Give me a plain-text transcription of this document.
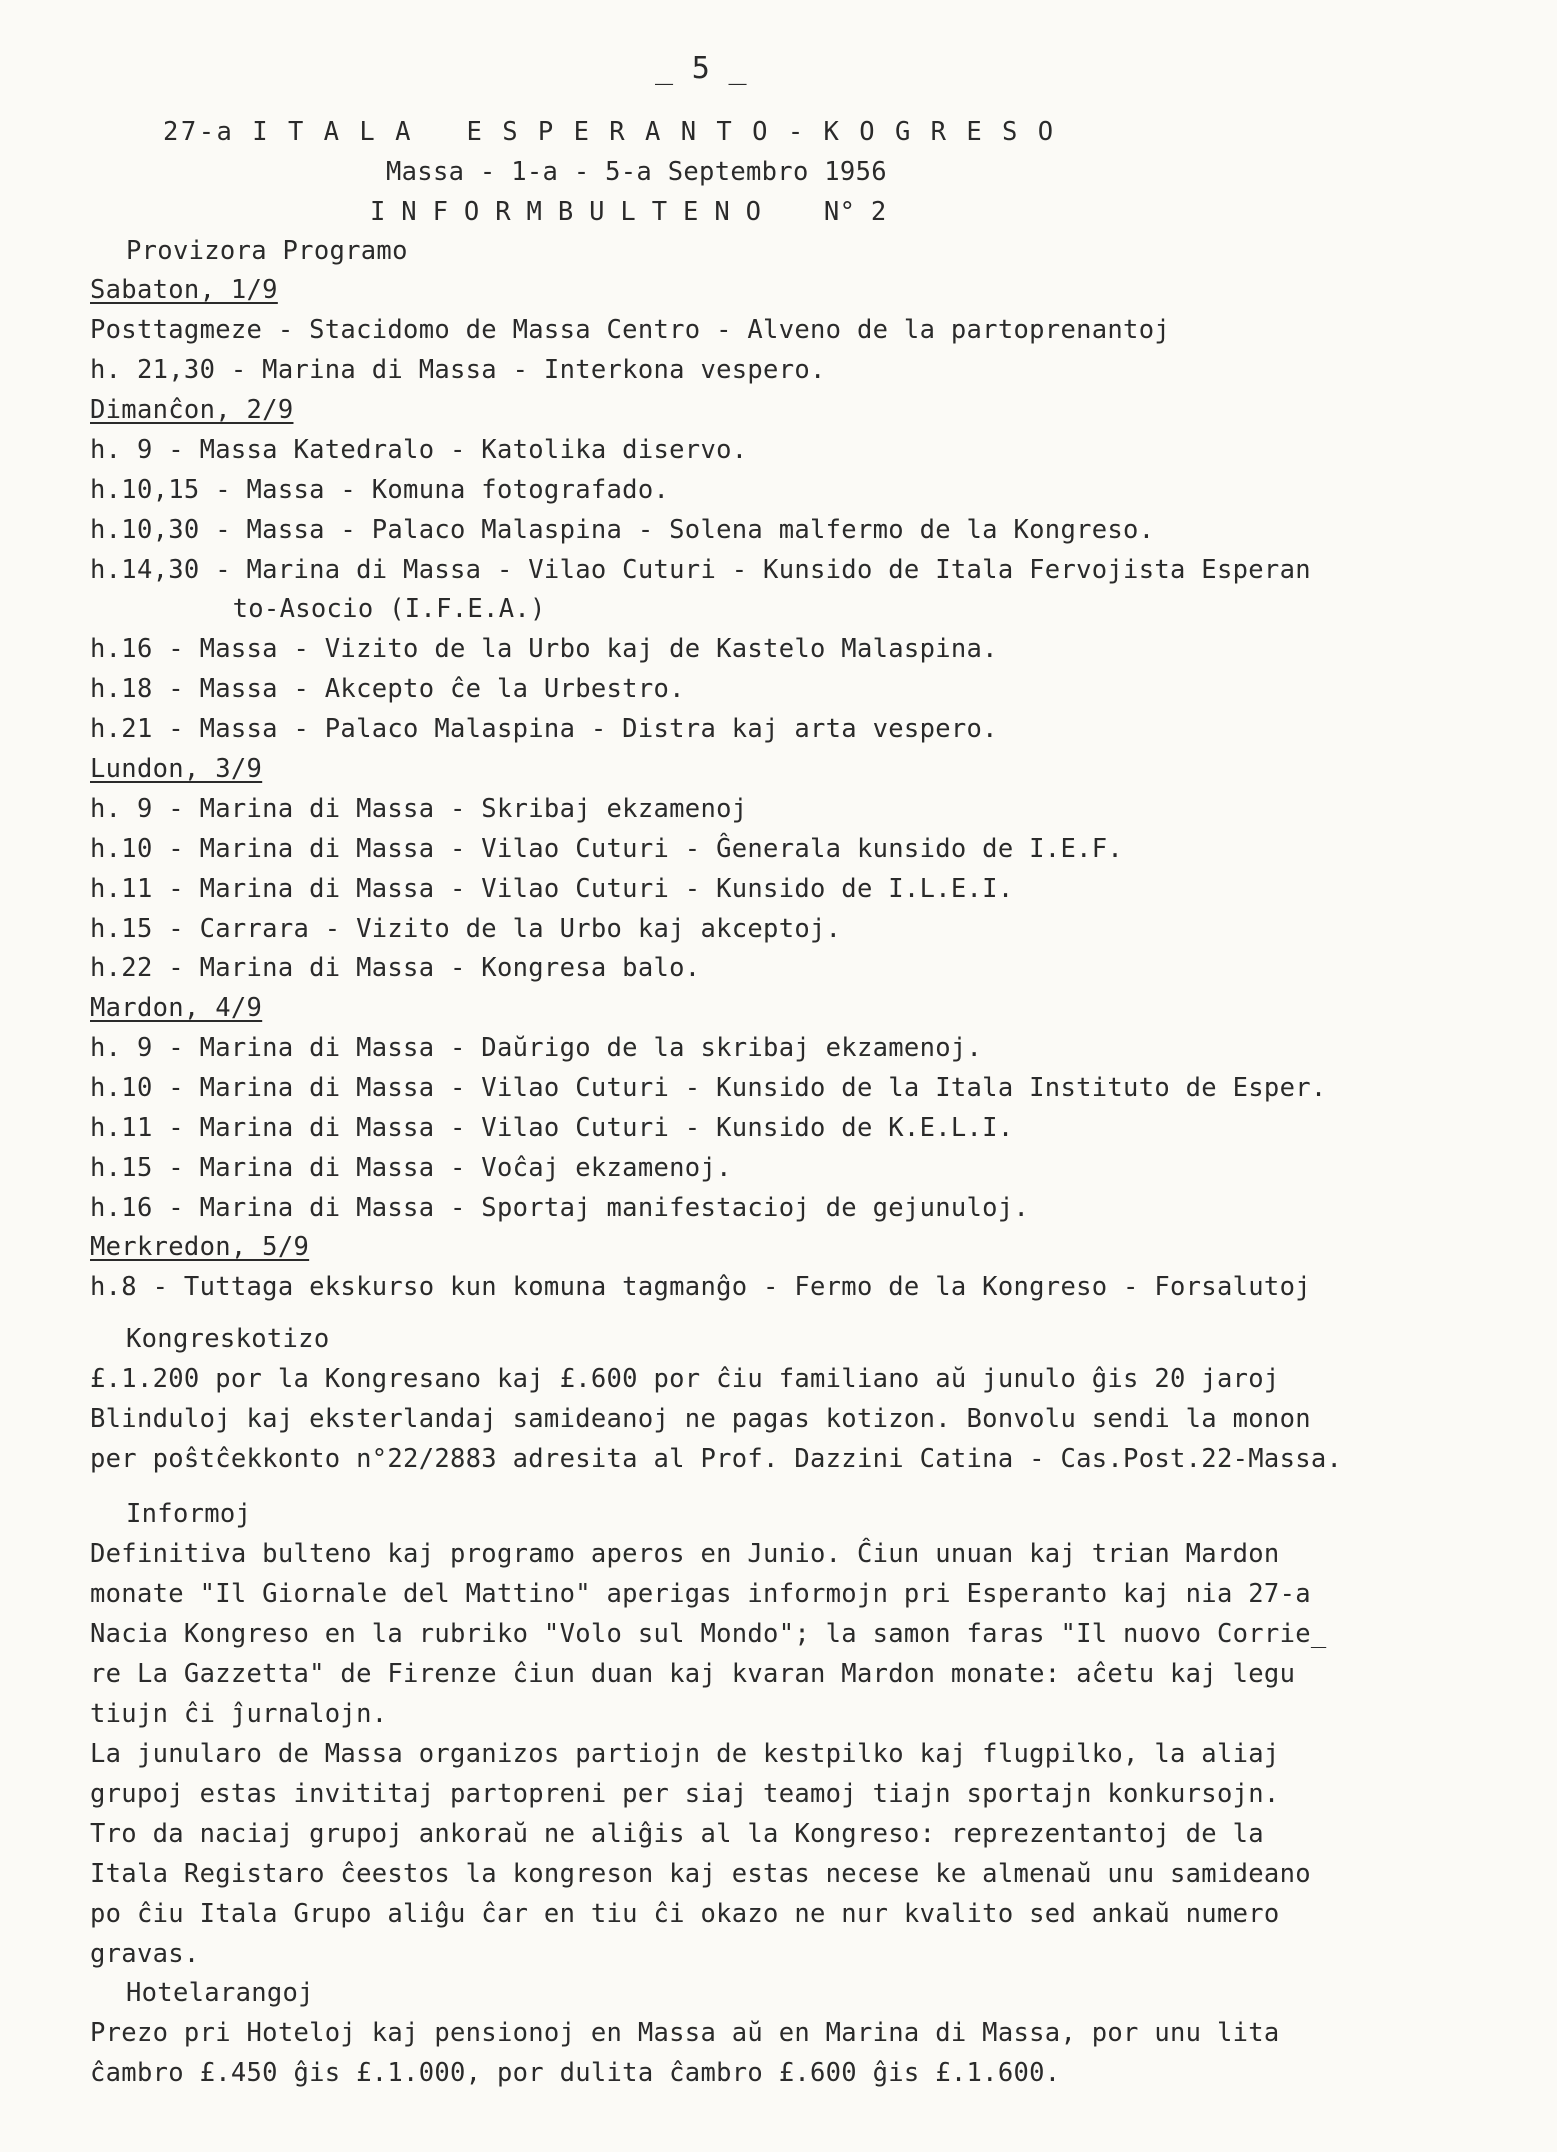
_ 5 _
27-a I T A L A   E S P E R A N T O - K O G R E S O
Massa - 1-a - 5-a Septembro 1956
I N F O R M B U L T E N O    N° 2
Provizora Programo
Sabaton, 1/9
Posttagmeze - Stacidomo de Massa Centro - Alveno de la partoprenantoj
h. 21,30 - Marina di Massa - Interkona vespero.
Dimanĉon, 2/9
h. 9 - Massa Katedralo - Katolika diservo.
h.10,15 - Massa - Komuna fotografado.
h.10,30 - Massa - Palaco Malaspina - Solena malfermo de la Kongreso.
h.14,30 - Marina di Massa - Vilao Cuturi - Kunsido de Itala Fervojista Esperan
to-Asocio (I.F.E.A.)
h.16 - Massa - Vizito de la Urbo kaj de Kastelo Malaspina.
h.18 - Massa - Akcepto ĉe la Urbestro.
h.21 - Massa - Palaco Malaspina - Distra kaj arta vespero.
Lundon, 3/9
h. 9 - Marina di Massa - Skribaj ekzamenoj
h.10 - Marina di Massa - Vilao Cuturi - Ĝenerala kunsido de I.E.F.
h.11 - Marina di Massa - Vilao Cuturi - Kunsido de I.L.E.I.
h.15 - Carrara - Vizito de la Urbo kaj akceptoj.
h.22 - Marina di Massa - Kongresa balo.
Mardon, 4/9
h. 9 - Marina di Massa - Daŭrigo de la skribaj ekzamenoj.
h.10 - Marina di Massa - Vilao Cuturi - Kunsido de la Itala Instituto de Esper.
h.11 - Marina di Massa - Vilao Cuturi - Kunsido de K.E.L.I.
h.15 - Marina di Massa - Voĉaj ekzamenoj.
h.16 - Marina di Massa - Sportaj manifestacioj de gejunuloj.
Merkredon, 5/9
h.8 - Tuttaga ekskurso kun komuna tagmanĝo - Fermo de la Kongreso - Forsalutoj
Kongreskotizo
£.1.200 por la Kongresano kaj £.600 por ĉiu familiano aŭ junulo ĝis 20 jaroj
Blinduloj kaj eksterlandaj samideanoj ne pagas kotizon. Bonvolu sendi la monon
per poŝtĉekkonto n°22/2883 adresita al Prof. Dazzini Catina - Cas.Post.22-Massa.
Informoj
Definitiva bulteno kaj programo aperos en Junio. Ĉiun unuan kaj trian Mardon
monate "Il Giornale del Mattino" aperigas informojn pri Esperanto kaj nia 27-a
Nacia Kongreso en la rubriko "Volo sul Mondo"; la samon faras "Il nuovo Corrie_
re La Gazzetta" de Firenze ĉiun duan kaj kvaran Mardon monate: aĉetu kaj legu
tiujn ĉi ĵurnalojn.
La junularo de Massa organizos partiojn de kestpilko kaj flugpilko, la aliaj
grupoj estas invititaj partopreni per siaj teamoj tiajn sportajn konkursojn.
Tro da naciaj grupoj ankoraŭ ne aliĝis al la Kongreso: reprezentantoj de la
Itala Registaro ĉeestos la kongreson kaj estas necese ke almenaŭ unu samideano
po ĉiu Itala Grupo aliĝu ĉar en tiu ĉi okazo ne nur kvalito sed ankaŭ numero
gravas.
Hotelarangoj
Prezo pri Hoteloj kaj pensionoj en Massa aŭ en Marina di Massa, por unu lita
ĉambro £.450 ĝis £.1.000, por dulita ĉambro £.600 ĝis £.1.600.
